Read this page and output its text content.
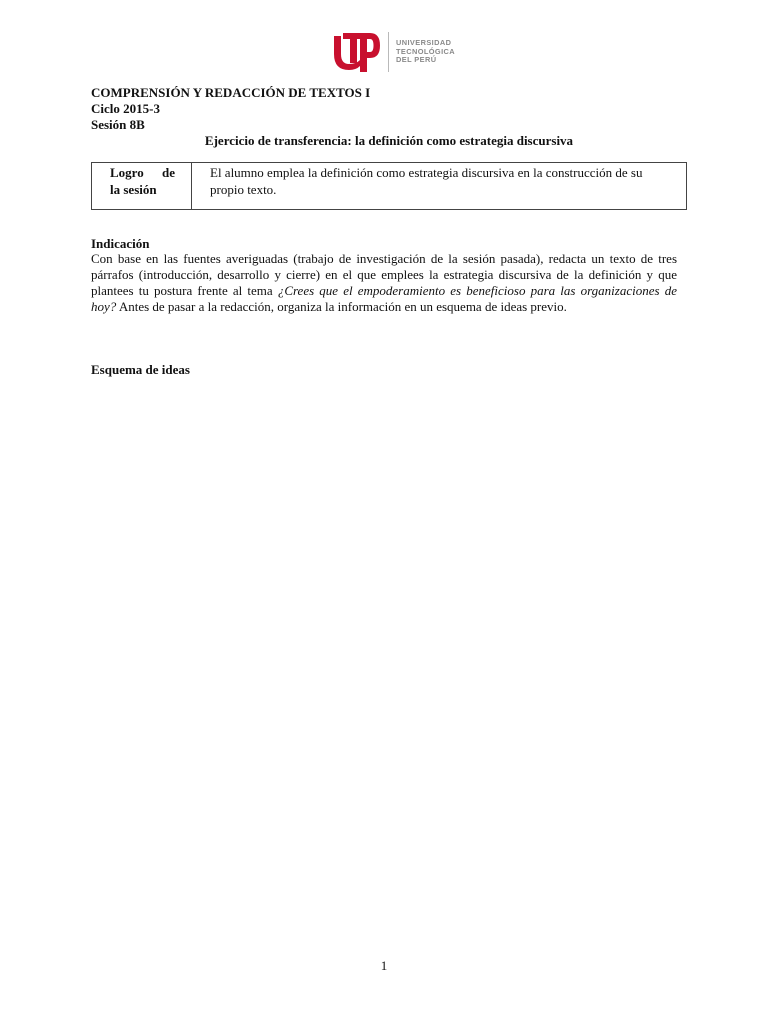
UNIVERSIDAD
TECNOLÓGICA
DEL PERÚ
COMPRENSIÓN Y REDACCIÓN DE TEXTOS I
Ciclo 2015-3
Sesión 8B
Ejercicio de transferencia: la definición como estrategia discursiva
Logro de
la sesión
El alumno emplea la definición como estrategia discursiva en la construcción de su propio texto.
Indicación
Con base en las fuentes averiguadas (trabajo de investigación de la sesión pasada), redacta un texto de tres párrafos (introducción, desarrollo y cierre) en el que emplees la estrategia discursiva de la definición y que plantees tu postura frente al tema ¿Crees que el empoderamiento es beneficioso para las organizaciones de hoy? Antes de pasar a la redacción, organiza la información en un esquema de ideas previo.
Esquema de ideas
1
